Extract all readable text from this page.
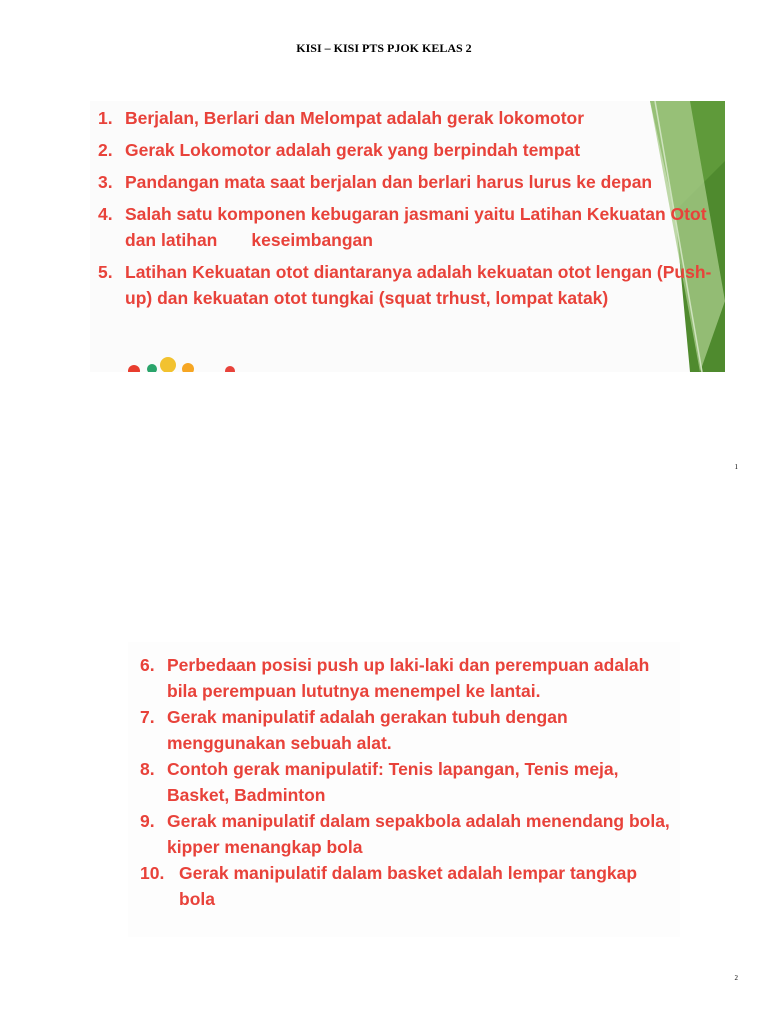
KISI – KISI PTS PJOK KELAS 2
1. Berjalan, Berlari dan Melompat adalah gerak lokomotor
2. Gerak Lokomotor adalah gerak yang berpindah tempat
3. Pandangan mata saat berjalan dan berlari harus lurus ke depan
4. Salah satu komponen kebugaran jasmani yaitu Latihan Kekuatan Otot dan latihan       keseimbangan
5. Latihan Kekuatan otot diantaranya adalah kekuatan otot lengan (Push- up) dan kekuatan otot tungkai (squat trhust, lompat katak)
1
6. Perbedaan posisi push up laki-laki dan perempuan adalah bila perempuan lututnya menempel ke lantai.
7. Gerak manipulatif adalah gerakan tubuh dengan menggunakan sebuah alat.
8. Contoh gerak manipulatif: Tenis lapangan, Tenis meja, Basket, Badminton
9. Gerak manipulatif dalam sepakbola adalah menendang bola, kipper menangkap bola
10. Gerak manipulatif dalam basket adalah lempar tangkap bola
2
